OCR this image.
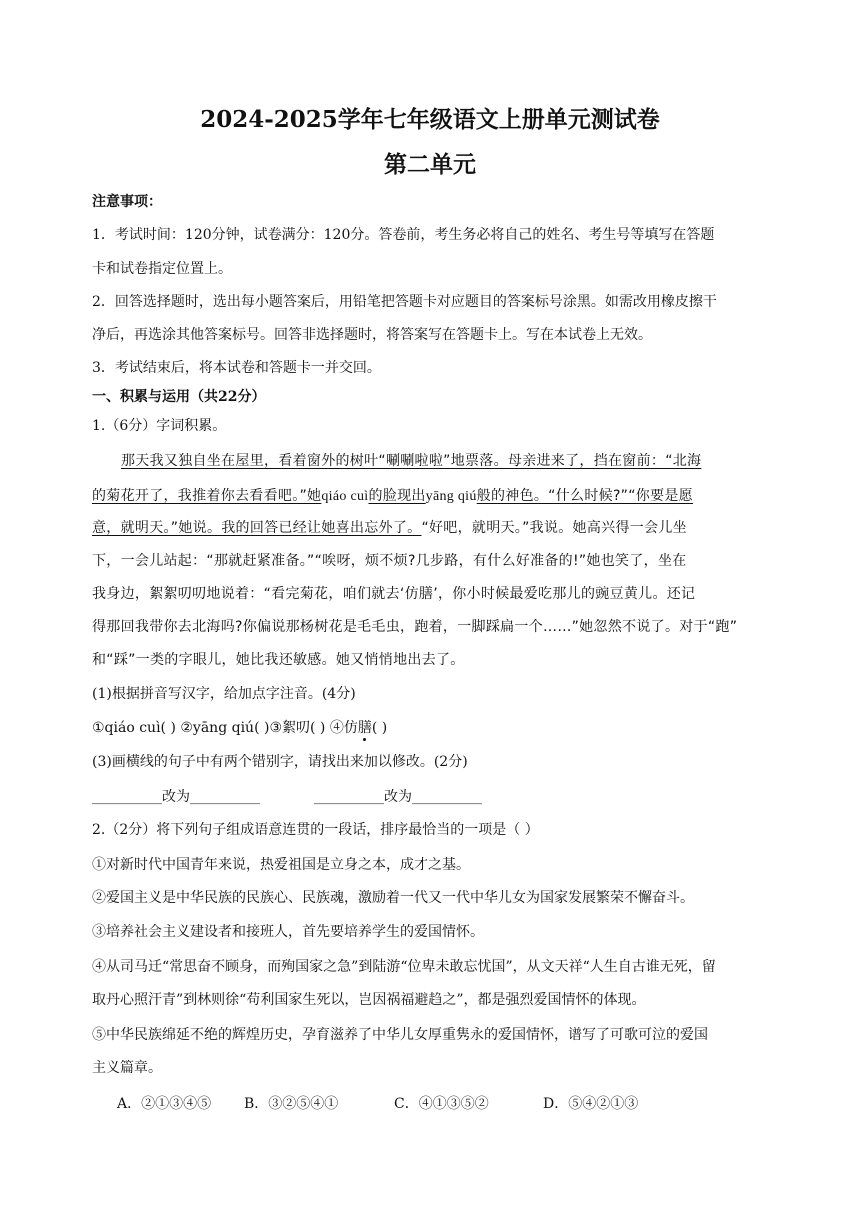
2024-2025学年七年级语文上册单元测试卷
第二单元
注意事项：
1．考试时间：120分钟，试卷满分：120分。答卷前，考生务必将自己的姓名、考生号等填写在答题
卡和试卷指定位置上。
2．回答选择题时，选出每小题答案后，用铅笔把答题卡对应题目的答案标号涂黑。如需改用橡皮擦干
净后，再选涂其他答案标号。回答非选择题时，将答案写在答题卡上。写在本试卷上无效。
3．考试结束后，将本试卷和答题卡一并交回。
一、积累与运用（共22分）
1.（6分）字词积累。
那天我又独自坐在屋里，看着窗外的树叶“唰唰啦啦”地票落。母亲进来了，挡在窗前：“北海
的菊花开了，我推着你去看看吧。”她qiáo cuì的脸现出yāng qiú般的神色。“什么时候?”“你要是愿
意，就明天。”她说。我的回答已经让她喜出忘外了。“好吧，就明天。”我说。她高兴得一会儿坐
下，一会儿站起：“那就赶紧准备。”“唉呀，烦不烦?几步路，有什么好准备的!”她也笑了，坐在
我身边，絮絮叨叨地说着：“看完菊花，咱们就去‘仿膳’，你小时候最爱吃那儿的豌豆黄儿。还记
得那回我带你去北海吗?你偏说那杨树花是毛毛虫，跑着，一脚踩扁一个……”她忽然不说了。对于“跑”
和“踩”一类的字眼儿，她比我还敏感。她又悄悄地出去了。
(1)根据拼音写汉字，给加点字注音。(4分)
①qiáo cuì( ) ②yāng qiú( )③絮叨( ) ④仿膳( )
(3)画横线的句子中有两个错别字，请找出来加以修改。(2分)
__________改为__________	__________改为__________
2.（2分）将下列句子组成语意连贯的一段话，排序最恰当的一项是（ ）
①对新时代中国青年来说，热爱祖国是立身之本，成才之基。
②爱国主义是中华民族的民族心、民族魂，激励着一代又一代中华儿女为国家发展繁荣不懈奋斗。
③培养社会主义建设者和接班人，首先要培养学生的爱国情怀。
④从司马迁“常思奋不顾身，而殉国家之急”到陆游“位卑未敢忘忧国”，从文天祥“人生自古谁无死，留
取丹心照汗青”到林则徐“苟利国家生死以，岂因祸福避趋之”，都是强烈爱国情怀的体现。
⑤中华民族绵延不绝的辉煌历史，孕育滋养了中华儿女厚重隽永的爱国情怀，谱写了可歌可泣的爱国
主义篇章。
A．②①③④⑤ B．③②⑤④①	C．④①③⑤②	D．⑤④②①③
